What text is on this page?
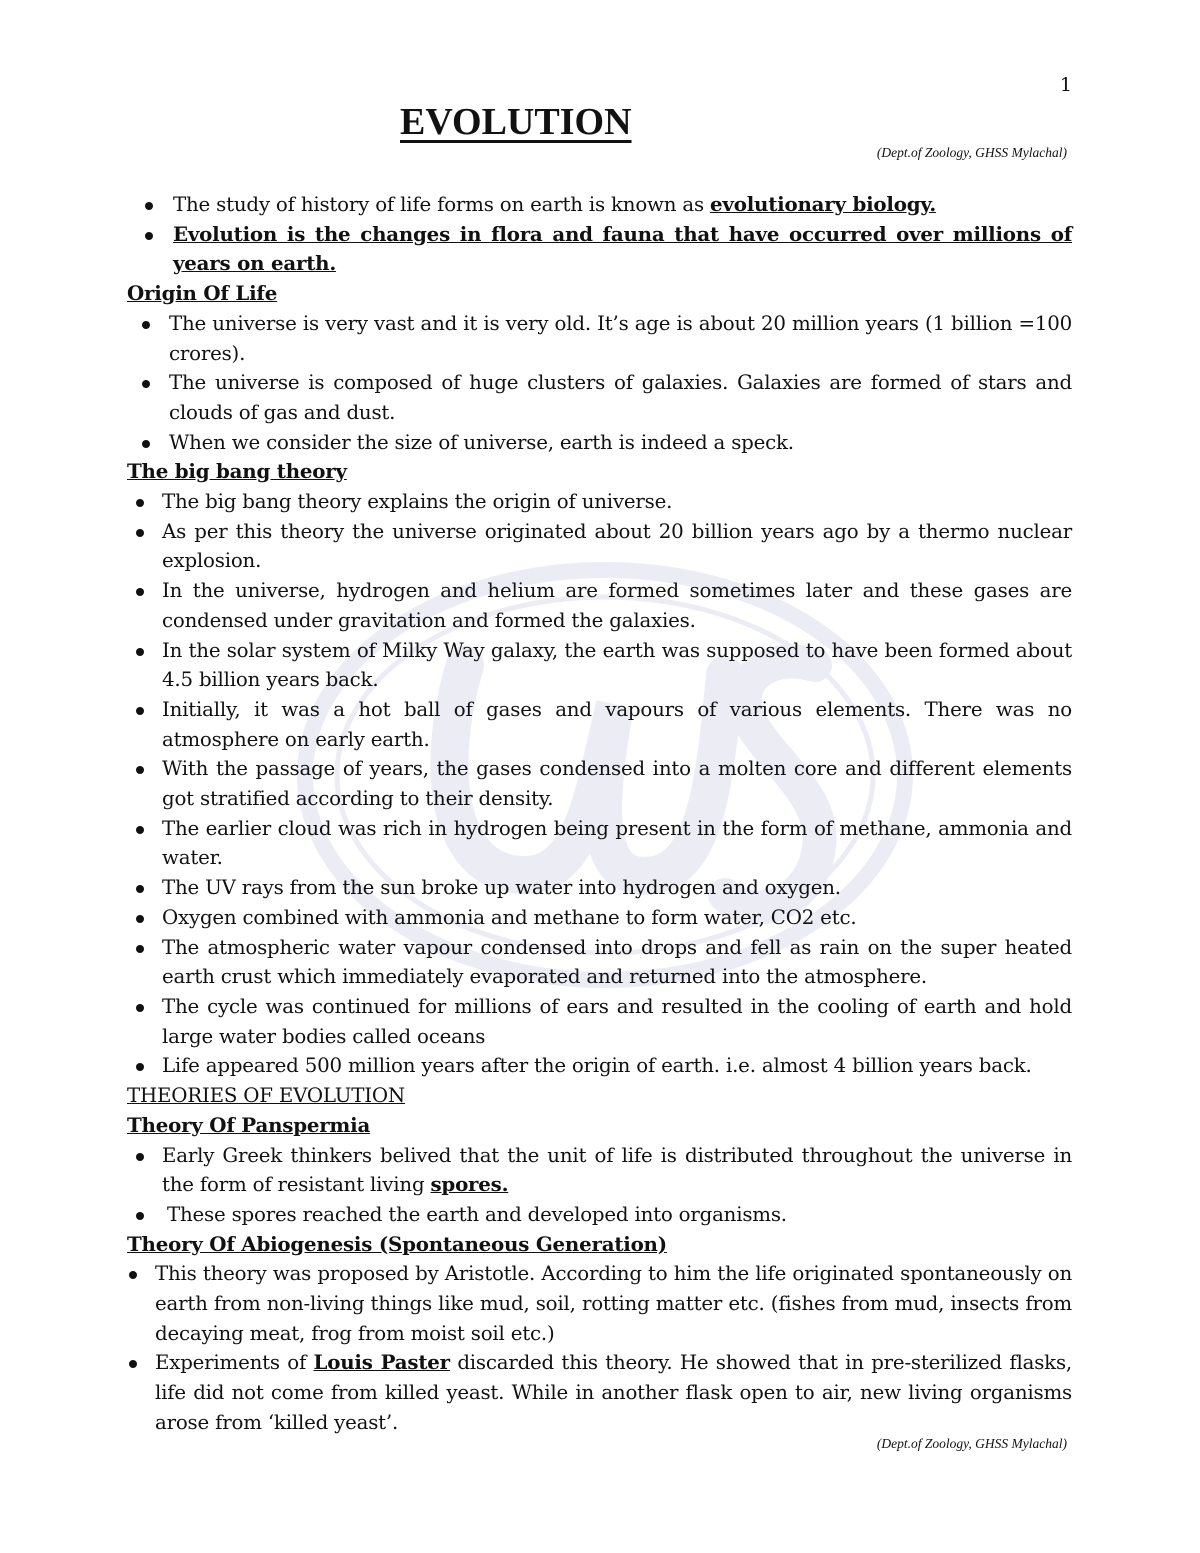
1
EVOLUTION
(Dept.of Zoology, GHSS Mylachal)
The study of history of life forms on earth is known as evolutionary biology.
Evolution is the changes in flora and fauna that have occurred over millions of years on earth.
Origin Of Life
The universe is very vast and it is very old. It’s age is about 20 million years (1 billion =100 crores).
The universe is composed of huge clusters of galaxies. Galaxies are formed of stars and clouds of gas and dust.
When we consider the size of universe, earth is indeed a speck.
The big bang theory
The big bang theory explains the origin of universe.
As per this theory the universe originated about 20 billion years ago by a thermo nuclear explosion.
In the universe, hydrogen and helium are formed sometimes later and these gases are condensed under gravitation and formed the galaxies.
In the solar system of Milky Way galaxy, the earth was supposed to have been formed about 4.5 billion years back.
Initially, it was a hot ball of gases and vapours of various elements. There was no atmosphere on early earth.
With the passage of years, the gases condensed into a molten core and different elements got stratified according to their density.
The earlier cloud was rich in hydrogen being present in the form of methane, ammonia and water.
The UV rays from the sun broke up water into hydrogen and oxygen.
Oxygen combined with ammonia and methane to form water, CO2 etc.
The atmospheric water vapour condensed into drops and fell as rain on the super heated earth crust which immediately evaporated and returned into the atmosphere.
The cycle was continued for millions of ears and resulted in the cooling of earth and hold large water bodies called oceans
Life appeared 500 million years after the origin of earth. i.e. almost 4 billion years back.
THEORIES OF EVOLUTION
Theory Of Panspermia
Early Greek thinkers belived that the unit of life is distributed throughout the universe in the form of resistant living spores.
These spores reached the earth and developed into organisms.
Theory Of Abiogenesis (Spontaneous Generation)
This theory was proposed by Aristotle. According to him the life originated spontaneously on earth from non-living things like mud, soil, rotting matter etc. (fishes from mud, insects from decaying meat, frog from moist soil etc.)
Experiments of Louis Paster discarded this theory. He showed that in pre-sterilized flasks, life did not come from killed yeast. While in another flask open to air, new living organisms arose from ‘killed yeast’.
(Dept.of Zoology, GHSS Mylachal)
